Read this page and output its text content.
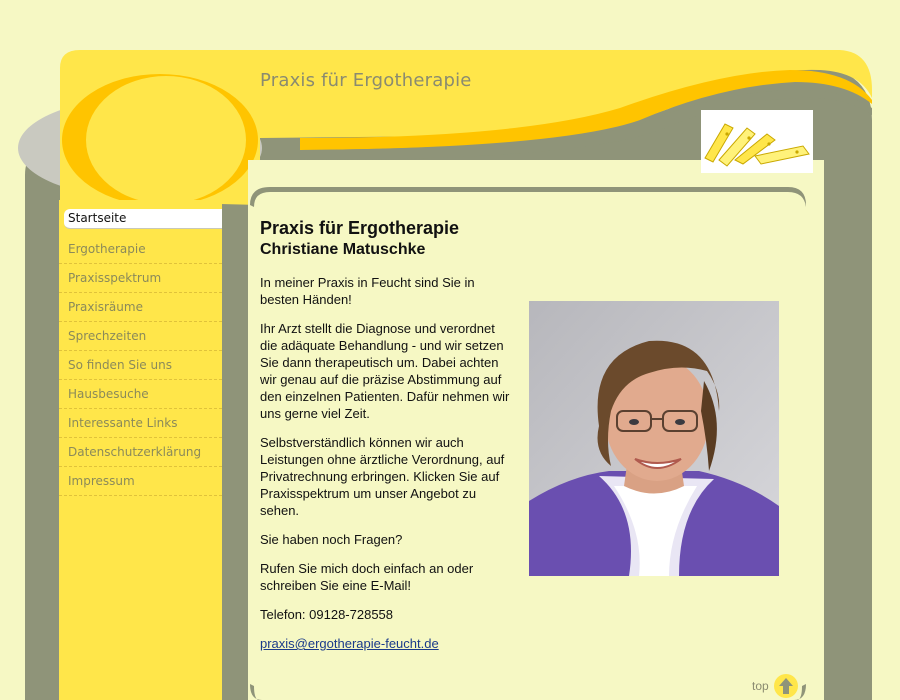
Praxis für Ergotherapie
Startseite
Ergotherapie
Praxisspektrum
Praxisräume
Sprechzeiten
So finden Sie uns
Hausbesuche
Interessante Links
Datenschutzerklärung
Impressum
Praxis für Ergotherapie
Christiane Matuschke

In meiner Praxis in Feucht sind Sie in besten Händen!

Ihr Arzt stellt die Diagnose und verordnet die adäquate Behandlung - und wir setzen Sie dann therapeutisch um. Dabei achten wir genau auf die präzise Abstimmung auf den einzelnen Patienten. Dafür nehmen wir uns gerne viel Zeit.

Selbstverständlich können wir auch Leistungen ohne ärztliche Verordnung, auf Privatrechnung erbringen. Klicken Sie auf Praxisspektrum um unser Angebot zu sehen.

Sie haben noch Fragen?

Rufen Sie mich doch einfach an oder schreiben Sie eine E-Mail!

Telefon: 09128-728558

praxis@ergotherapie-feucht.de

top
